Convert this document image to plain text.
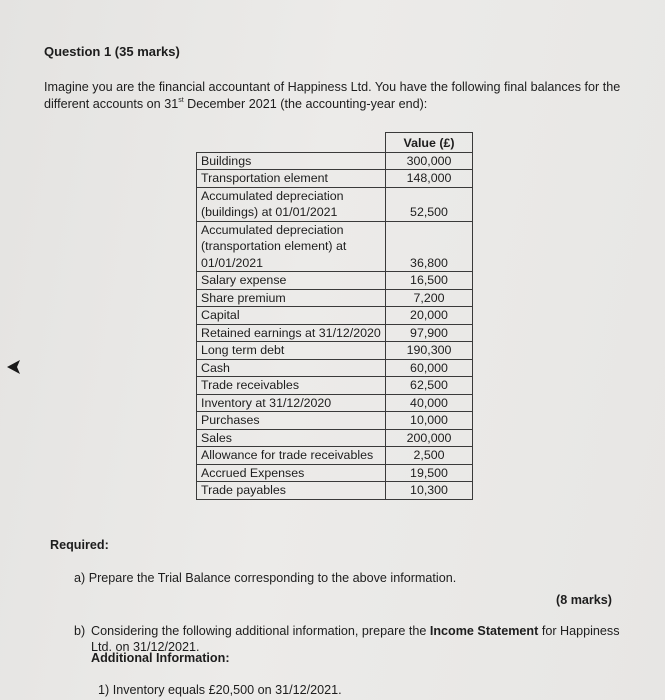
Question 1 (35 marks)
Imagine you are the financial accountant of Happiness Ltd. You have the following final balances for the different accounts on 31st December 2021 (the accounting-year end):
	Value (£)

Buildings	300,000

Transportation element	148,000

Accumulated depreciation
(buildings) at 01/01/2021	52,500

Accumulated depreciation
(transportation element) at
01/01/2021	36,800

Salary expense	16,500

Share premium	7,200

Capital	20,000

Retained earnings at 31/12/2020	97,900

Long term debt	190,300

Cash	60,000

Trade receivables	62,500

Inventory at 31/12/2020	40,000

Purchases	10,000

Sales	200,000

Allowance for trade receivables	2,500

Accrued Expenses	19,500

Trade payables	10,300
Required:
a) Prepare the Trial Balance corresponding to the above information.
(8 marks)
b) Considering the following additional information, prepare the Income Statement for Happiness Ltd. on 31/12/2021.
Additional Information:
1) Inventory equals £20,500 on 31/12/2021.
